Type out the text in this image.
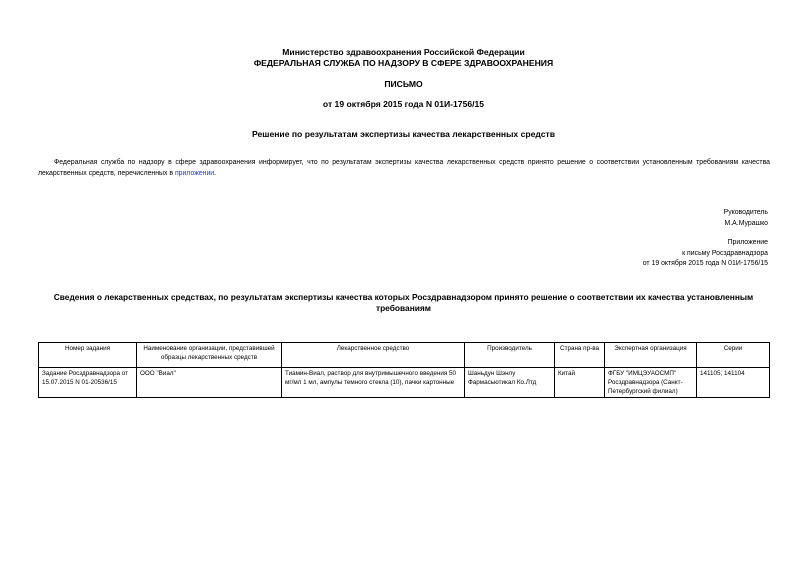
Министерство здравоохранения Российской Федерации
ФЕДЕРАЛЬНАЯ СЛУЖБА ПО НАДЗОРУ В СФЕРЕ ЗДРАВООХРАНЕНИЯ
ПИСЬМО
от 19 октября 2015 года N 01И-1756/15
Решение по результатам экспертизы качества лекарственных средств
Федеральная служба по надзору в сфере здравоохранения информирует, что по результатам экспертизы качества лекарственных средств принято решение о соответствии установленным требованиям качества лекарственных средств, перечисленных в приложении.
Руководитель
М.А.Мурашко
Приложение
к письму Росздравнадзора
от 19 октября 2015 года N 01И-1756/15
Сведения о лекарственных средствах, по результатам экспертизы качества которых Росздравнадзором принято решение о соответствии их качества установленным требованиям
Номер задания	Наименование организации, представившей образцы лекарственных средств	Лекарственное средство	Производитель	Страна пр-ва	Экспертная организация	Серии
Задание Росздравнадзора от 15.07.2015 N 01-20536/15	ООО "Виал"	Тиамин-Виал, раствор для внутримышечного введения 50 мг/мл 1 мл, ампулы темного стекла (10), пачки картонные	Шаньдун Шэнлу Фармасьютикал Ко.Лтд	Китай	ФГБУ "ИМЦЭУАОСМП" Росздравнадзора (Санкт-Петербургский филиал)	141105; 141104
